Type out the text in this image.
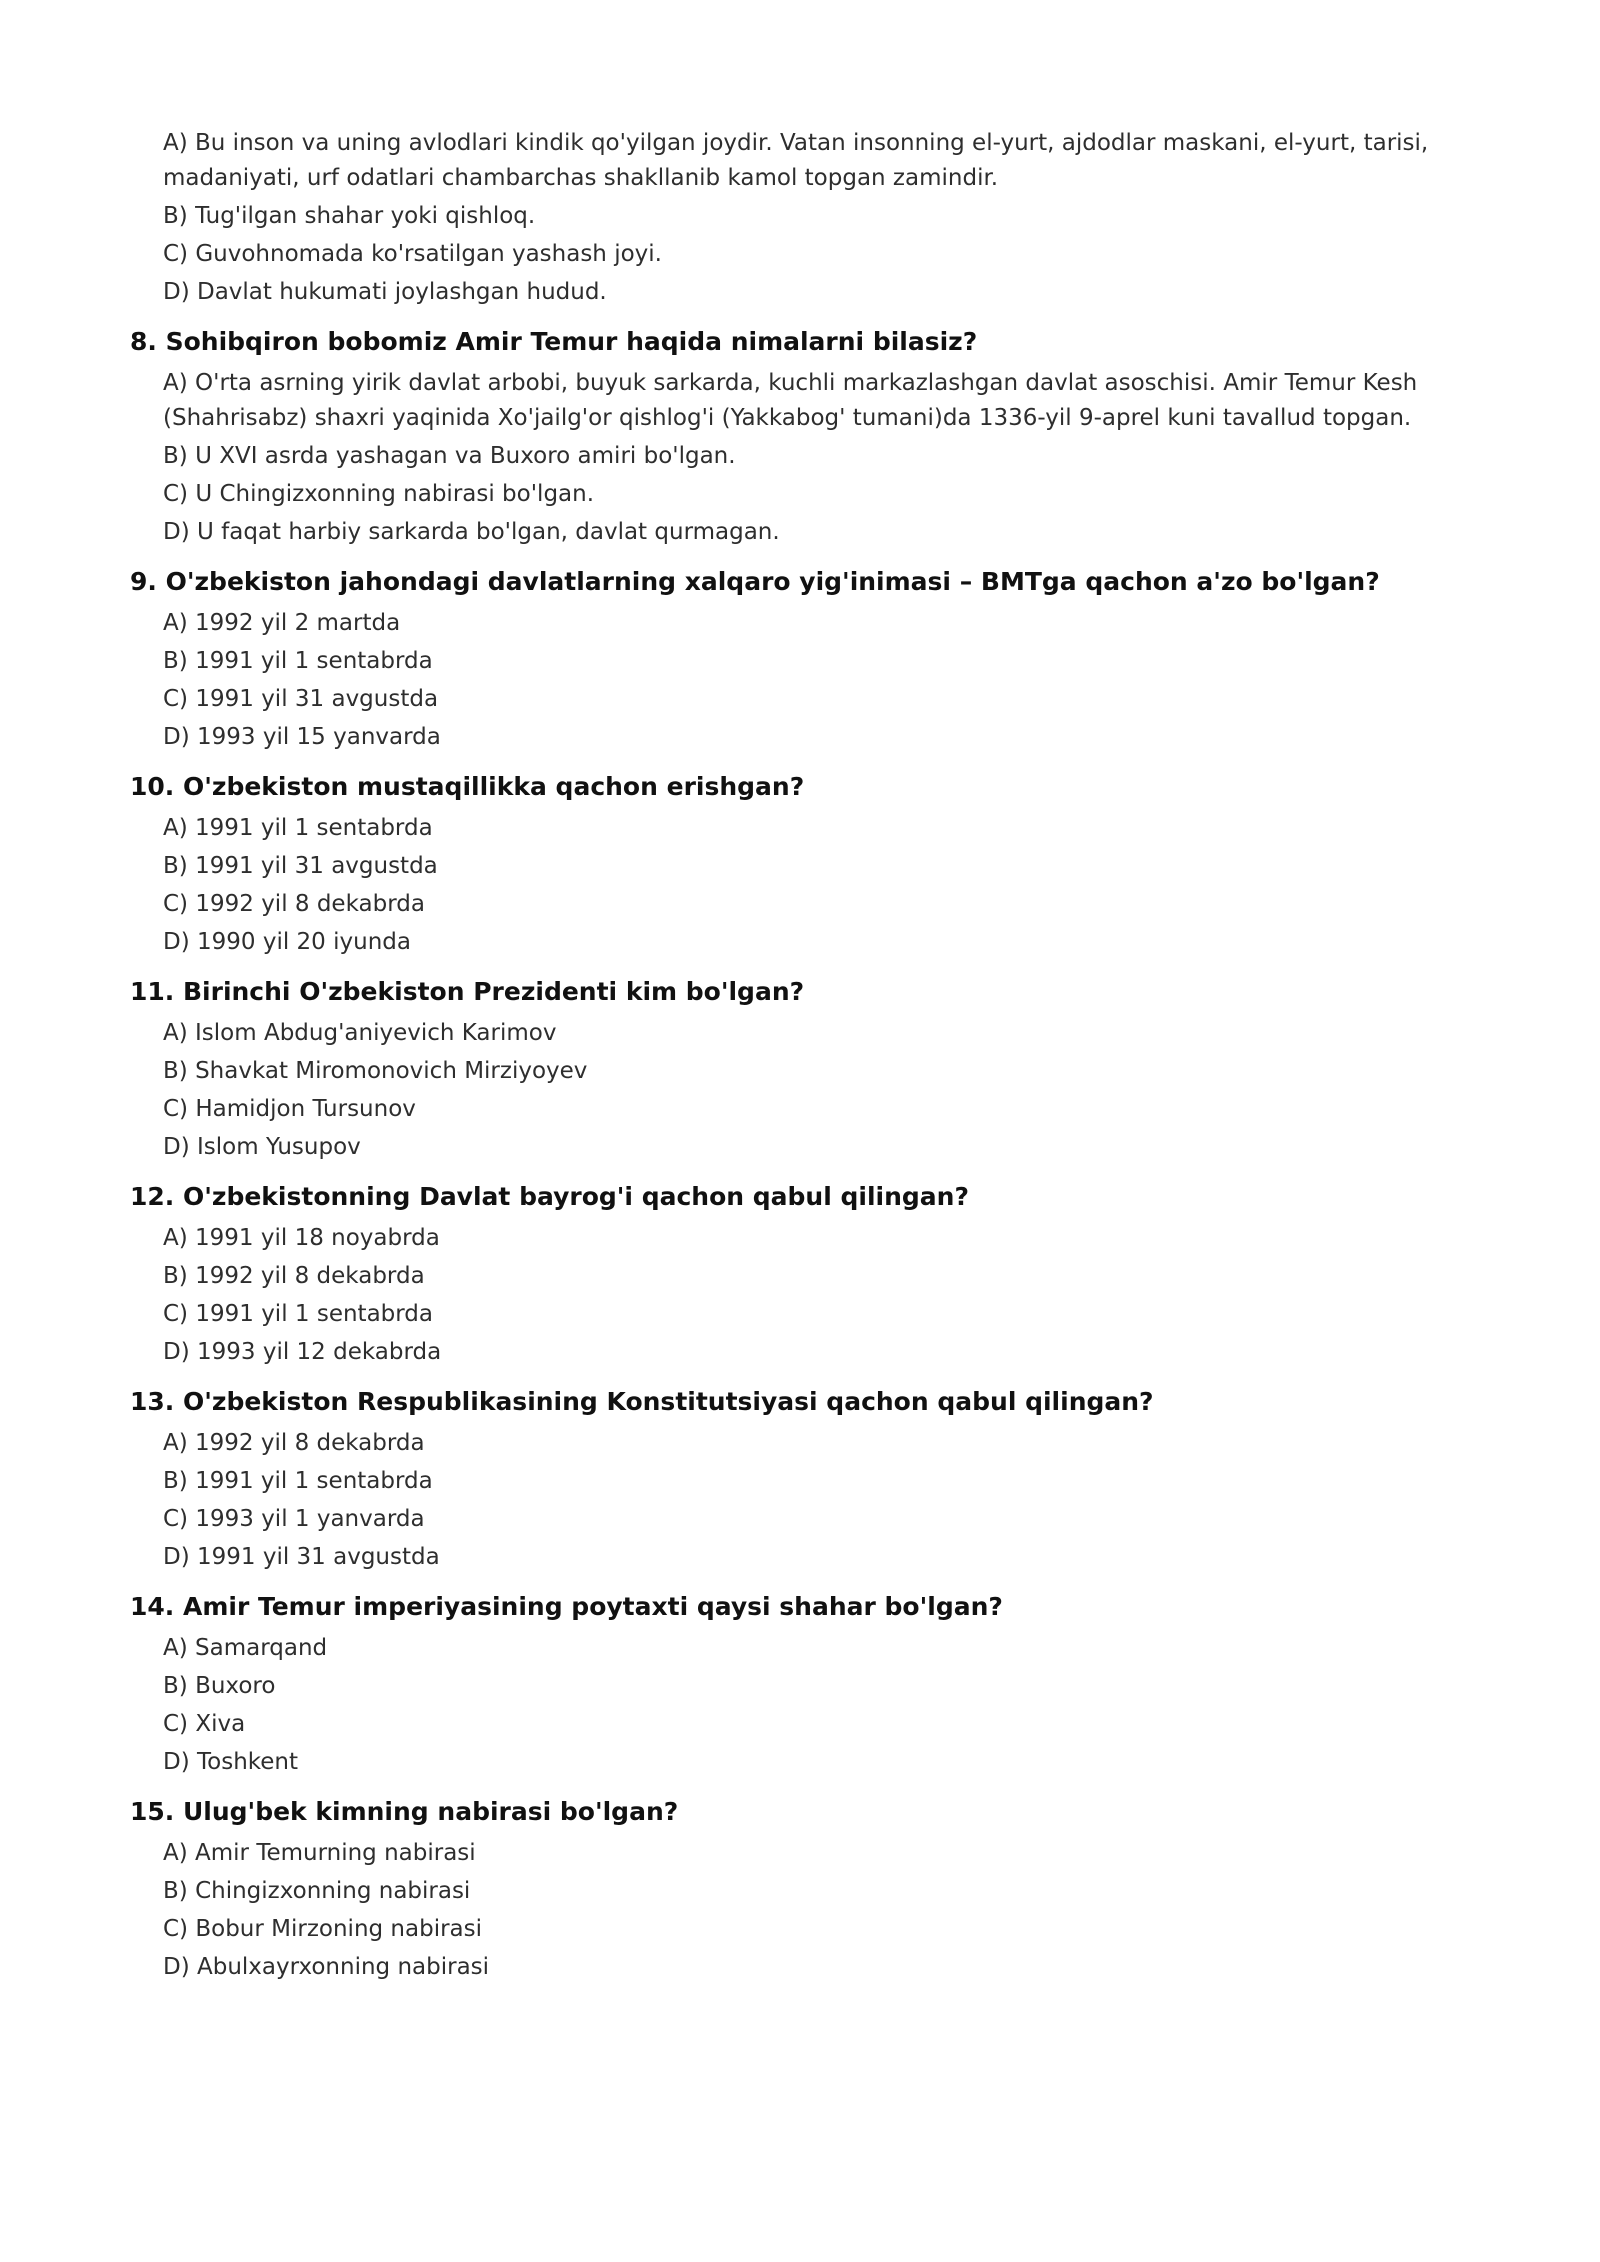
A) Bu inson va uning avlodlari kindik qo'yilgan joydir. Vatan insonning el-yurt, ajdodlar maskani, el-yurt, tarisi, madaniyati, urf odatlari chambarchas shakllanib kamol topgan zamindir.
B) Tug'ilgan shahar yoki qishloq.
C) Guvohnomada ko'rsatilgan yashash joyi.
D) Davlat hukumati joylashgan hudud.
8. Sohibqiron bobomiz Amir Temur haqida nimalarni bilasiz?
A) O'rta asrning yirik davlat arbobi, buyuk sarkarda, kuchli markazlashgan davlat asoschisi. Amir Temur Kesh (Shahrisabz) shaxri yaqinida Xo'jailg'or qishlog'i (Yakkabog' tumani)da 1336-yil 9-aprel kuni tavallud topgan.
B) U XVI asrda yashagan va Buxoro amiri bo'lgan.
C) U Chingizxonning nabirasi bo'lgan.
D) U faqat harbiy sarkarda bo'lgan, davlat qurmagan.
9. O'zbekiston jahondagi davlatlarning xalqaro yig'inimasi – BMTga qachon a'zo bo'lgan?
A) 1992 yil 2 martda
B) 1991 yil 1 sentabrda
C) 1991 yil 31 avgustda
D) 1993 yil 15 yanvarda
10. O'zbekiston mustaqillikka qachon erishgan?
A) 1991 yil 1 sentabrda
B) 1991 yil 31 avgustda
C) 1992 yil 8 dekabrda
D) 1990 yil 20 iyunda
11. Birinchi O'zbekiston Prezidenti kim bo'lgan?
A) Islom Abdug'aniyevich Karimov
B) Shavkat Miromonovich Mirziyoyev
C) Hamidjon Tursunov
D) Islom Yusupov
12. O'zbekistonning Davlat bayrog'i qachon qabul qilingan?
A) 1991 yil 18 noyabrda
B) 1992 yil 8 dekabrda
C) 1991 yil 1 sentabrda
D) 1993 yil 12 dekabrda
13. O'zbekiston Respublikasining Konstitutsiyasi qachon qabul qilingan?
A) 1992 yil 8 dekabrda
B) 1991 yil 1 sentabrda
C) 1993 yil 1 yanvarda
D) 1991 yil 31 avgustda
14. Amir Temur imperiyasining poytaxti qaysi shahar bo'lgan?
A) Samarqand
B) Buxoro
C) Xiva
D) Toshkent
15. Ulug'bek kimning nabirasi bo'lgan?
A) Amir Temurning nabirasi
B) Chingizxonning nabirasi
C) Bobur Mirzoning nabirasi
D) Abulxayrxonning nabirasi
